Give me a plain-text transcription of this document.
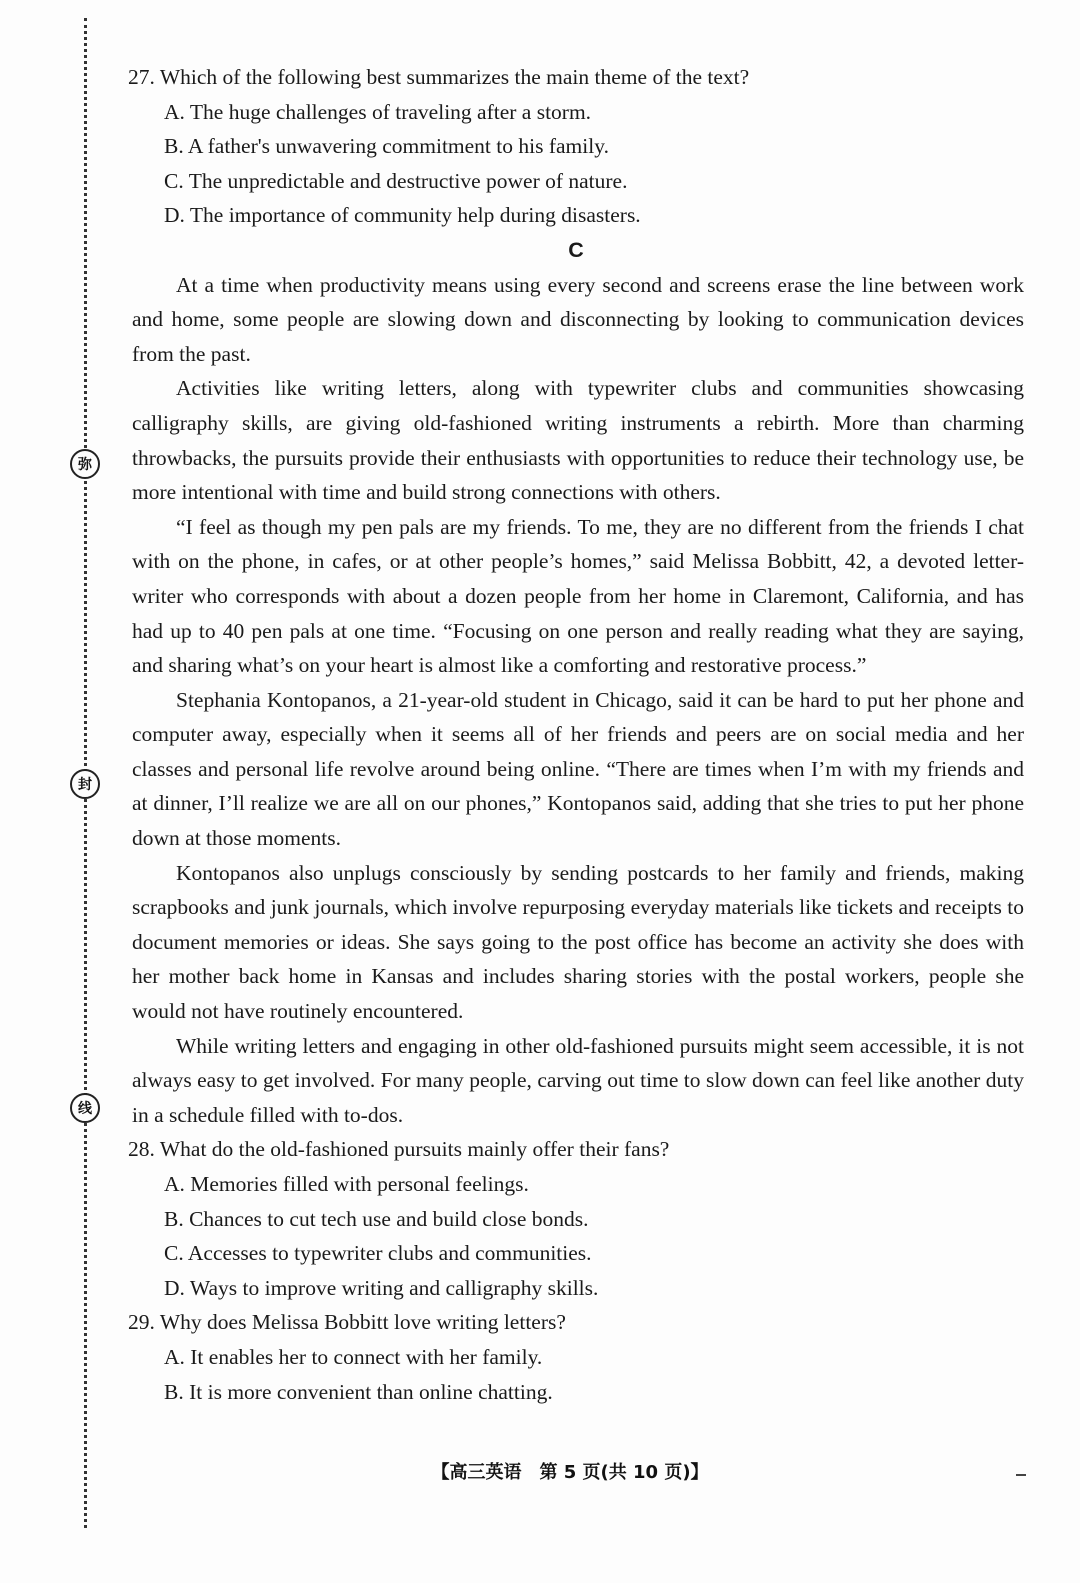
弥
封
线

27. Which of the following best summarizes the main theme of the text?

A. The huge challenges of traveling after a storm.

B. A father's unwavering commitment to his family.

C. The unpredictable and destructive power of nature.

D. The importance of community help during disasters.

C

At a time when productivity means using every second and screens erase the line between work and home, some people are slowing down and disconnecting by looking to communication devices from the past.

Activities like writing letters, along with typewriter clubs and communities showcasing calligraphy skills, are giving old-fashioned writing instruments a rebirth. More than charming throwbacks, the pursuits provide their enthusiasts with opportunities to reduce their technology use, be more intentional with time and build strong connections with others.

“I feel as though my pen pals are my friends. To me, they are no different from the friends I chat with on the phone, in cafes, or at other people’s homes,” said Melissa Bobbitt, 42, a devoted letter-writer who corresponds with about a dozen people from her home in Claremont, California, and has had up to 40 pen pals at one time. “Focusing on one person and really reading what they are saying, and sharing what’s on your heart is almost like a comforting and restorative process.”

Stephania Kontopanos, a 21-year-old student in Chicago, said it can be hard to put her phone and computer away, especially when it seems all of her friends and peers are on social media and her classes and personal life revolve around being online. “There are times when I’m with my friends and at dinner, I’ll realize we are all on our phones,” Kontopanos said, adding that she tries to put her phone down at those moments.

Kontopanos also unplugs consciously by sending postcards to her family and friends, making scrapbooks and junk journals, which involve repurposing everyday materials like tickets and receipts to document memories or ideas. She says going to the post office has become an activity she does with her mother back home in Kansas and includes sharing stories with the postal workers, people she would not have routinely encountered.

While writing letters and engaging in other old-fashioned pursuits might seem accessible, it is not always easy to get involved. For many people, carving out time to slow down can feel like another duty in a schedule filled with to-dos.

28. What do the old-fashioned pursuits mainly offer their fans?

A. Memories filled with personal feelings.

B. Chances to cut tech use and build close bonds.

C. Accesses to typewriter clubs and communities.

D. Ways to improve writing and calligraphy skills.

29. Why does Melissa Bobbitt love writing letters?

A. It enables her to connect with her family.

B. It is more convenient than online chatting.

【高三英语　第 5 页(共 10 页)】
